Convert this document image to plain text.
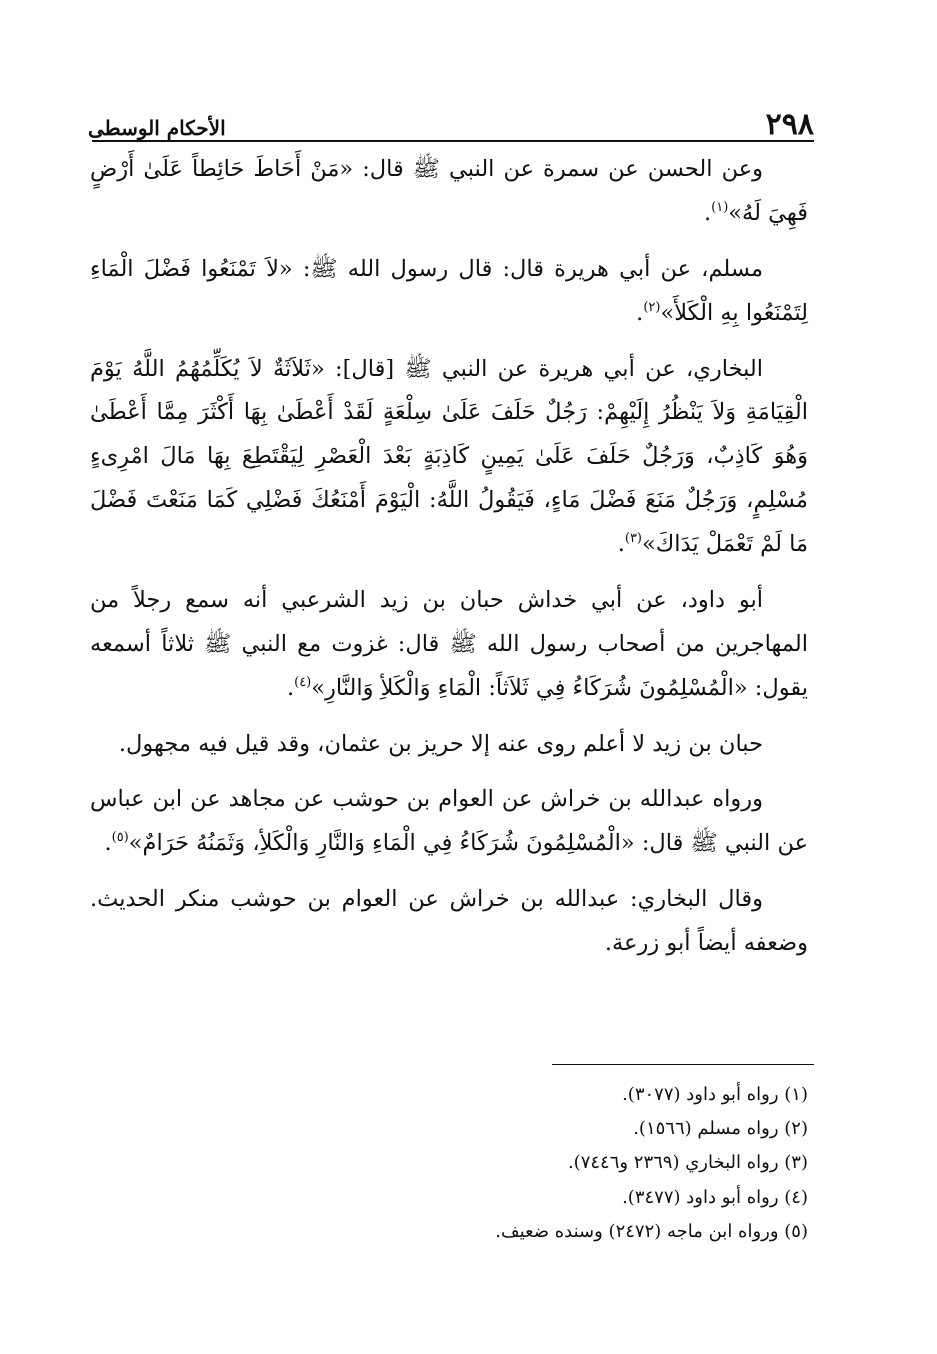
٢٩٨
الأحكام الوسطى

وعن الحسن عن سمرة عن النبي ﷺ قال: «مَنْ أَحَاطَ حَائِطاً عَلَىٰ أَرْضٍ فَهِيَ لَهُ»$^{(١)}$.

مسلم، عن أبي هريرة قال: قال رسول الله ﷺ: «لاَ تَمْنَعُوا فَضْلَ الْمَاءِ لِتَمْنَعُوا بِهِ الْكَلأَ»$^{(٢)}$.

البخاري، عن أبي هريرة عن النبي ﷺ [قال]: «ثَلاَثَةٌ لاَ يُكَلِّمُهُمُ اللَّهُ يَوْمَ الْقِيَامَةِ وَلاَ يَنْظُرُ إِلَيْهِمْ: رَجُلٌ حَلَفَ عَلَىٰ سِلْعَةٍ لَقَدْ أَعْطَىٰ بِهَا أَكْثَرَ مِمَّا أَعْطَىٰ وَهُوَ كَاذِبٌ، وَرَجُلٌ حَلَفَ عَلَىٰ يَمِينٍ كَاذِبَةٍ بَعْدَ الْعَصْرِ لِيَقْتَطِعَ بِهَا مَالَ امْرِىءٍ مُسْلِمٍ، وَرَجُلٌ مَنَعَ فَضْلَ مَاءٍ، فَيَقُولُ اللَّهُ: الْيَوْمَ أَمْنَعُكَ فَضْلِي كَمَا مَنَعْتَ فَضْلَ مَا لَمْ تَعْمَلْ يَدَاكَ»$^{(٣)}$.

أبو داود، عن أبي خداش حبان بن زيد الشرعبي أنه سمع رجلاً من المهاجرين من أصحاب رسول الله ﷺ قال: غزوت مع النبي ﷺ ثلاثاً أسمعه يقول: «الْمُسْلِمُونَ شُرَكَاءُ فِي ثَلاَثاً: الْمَاءِ وَالْكَلأِ وَالنَّارِ»$^{(٤)}$.

حبان بن زيد لا أعلم روى عنه إلا حريز بن عثمان، وقد قيل فيه مجهول.

ورواه عبدالله بن خراش عن العوام بن حوشب عن مجاهد عن ابن عباس عن النبي ﷺ قال: «الْمُسْلِمُونَ شُرَكَاءُ فِي الْمَاءِ وَالنَّارِ وَالْكَلأِ، وَثَمَنُهُ حَرَامٌ»$^{(٥)}$.

وقال البخاري: عبدالله بن خراش عن العوام بن حوشب منكر الحديث. وضعفه أيضاً أبو زرعة.

(١) رواه أبو داود (٣٠٧٧).

(٢) رواه مسلم (١٥٦٦).

(٣) رواه البخاري (٢٣٦٩ و٧٤٤٦).

(٤) رواه أبو داود (٣٤٧٧).

(٥) ورواه ابن ماجه (٢٤٧٢) وسنده ضعيف.
